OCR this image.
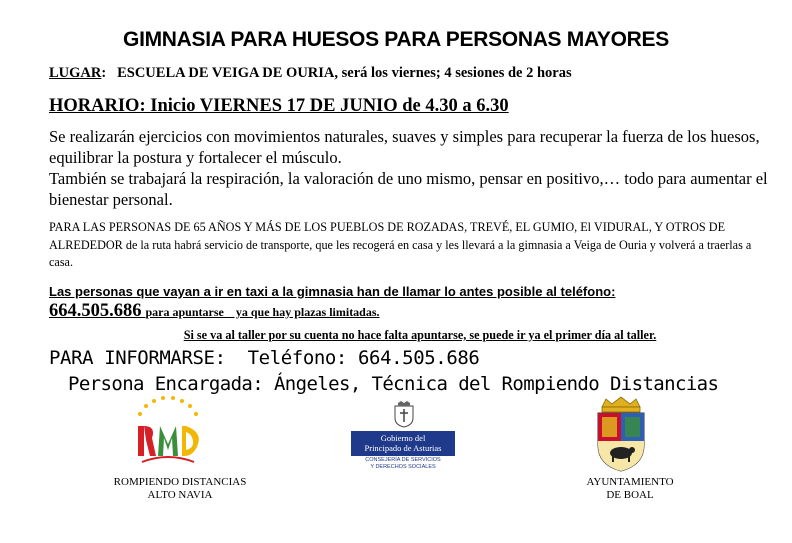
GIMNASIA PARA HUESOS PARA PERSONAS MAYORES
LUGAR: ESCUELA DE VEIGA DE OURIA, será los viernes; 4 sesiones de 2 horas
HORARIO: Inicio VIERNES 17 DE JUNIO de 4.30 a 6.30
Se realizarán ejercicios con movimientos naturales, suaves y simples para recuperar la fuerza de los huesos, equilibrar la postura y fortalecer el músculo.
También se trabajará la respiración, la valoración de uno mismo, pensar en positivo,… todo para aumentar el bienestar personal.
PARA LAS PERSONAS DE 65 AÑOS Y MÁS DE LOS PUEBLOS DE ROZADAS, TREVÉ, EL GUMIO, El VIDURAL, Y OTROS DE ALREDEDOR de la ruta habrá servicio de transporte, que les recogerá en casa y les llevará a la gimnasia a Veiga de Ouria y volverá a traerlas a casa.
Las personas que vayan a ir en taxi a la gimnasia han de llamar lo antes posible al teléfono:
664.505.686 para apuntarse    ya que hay plazas limitadas.
Si se va al taller por su cuenta no hace falta apuntarse, se puede ir ya el primer día al taller.
PARA INFORMARSE: Teléfono: 664.505.686
Persona Encargada: Ángeles, Técnica del Rompiendo Distancias
ROMPIENDO DISTANCIAS
ALTO NAVIA
Gobierno del
Principado de Asturias
CONSEJERÍA DE SERVICIOS
Y DERECHOS SOCIALES
AYUNTAMIENTO
DE BOAL
